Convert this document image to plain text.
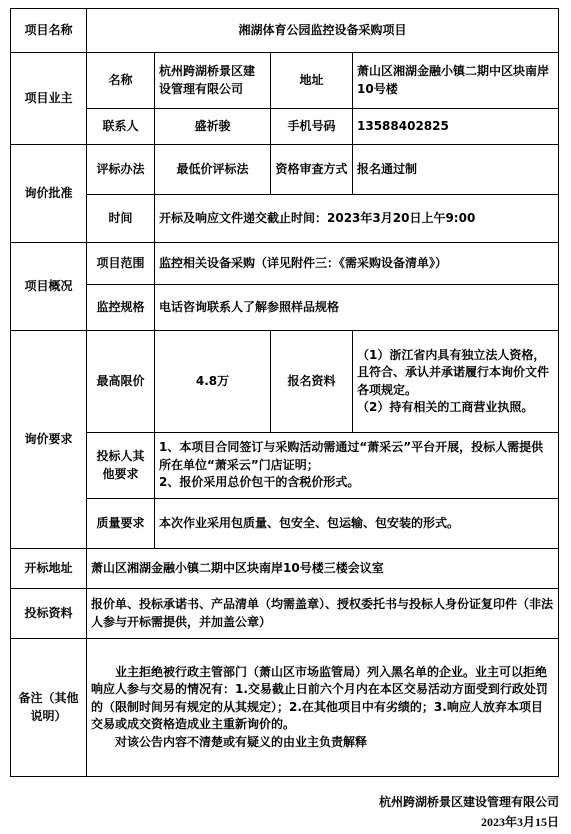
项目名称	湘湖体育公园监控设备采购项目			
项目业主	名称	杭州跨湖桥景区建设管理有限公司	地址	萧山区湘湖金融小镇二期中区块南岸10号楼
	联系人	盛祈骏	手机号码	13588402825
询价批准	评标办法	最低价评标法	资格审查方式	报名通过制
	时间	开标及响应文件递交截止时间：2023年3月20日上午9:00		
项目概况	项目范围	监控相关设备采购（详见附件三：《需采购设备清单》）		
	监控规格	电话咨询联系人了解参照样品规格		
询价要求	最高限价	4.8万	报名资料	（1）浙江省内具有独立法人资格，且符合、承认并承诺履行本询价文件各项规定。
（2）持有相关的工商营业执照。

	投标人其他要求	1、本项目合同签订与采购活动需通过“萧采云”平台开展，投标人需提供所在单位“萧采云”门店证明；
2、报价采用总价包干的含税价形式。		

	质量要求	本次作业采用包质量、包安全、包运输、包安装的形式。		
开标地址	萧山区湘湖金融小镇二期中区块南岸10号楼三楼会议室			
投标资料	报价单、投标承诺书、产品清单（均需盖章）、授权委托书与投标人身份证复印件（非法人参与开标需提供，并加盖公章）			
备注（其他说明）	业主拒绝被行政主管部门（萧山区市场监管局）列入黑名单的企业。业主可以拒绝响应人参与交易的情况有：1.交易截止日前六个月内在本区交易活动方面受到行政处罚的（限制时间另有规定的从其规定）；2.在其他项目中有劣绩的；3.响应人放弃本项目交易或成交资格造成业主重新询价的。

对该公告内容不清楚或有疑义的由业主负责解释			

杭州跨湖桥景区建设管理有限公司
2023年3月15日
